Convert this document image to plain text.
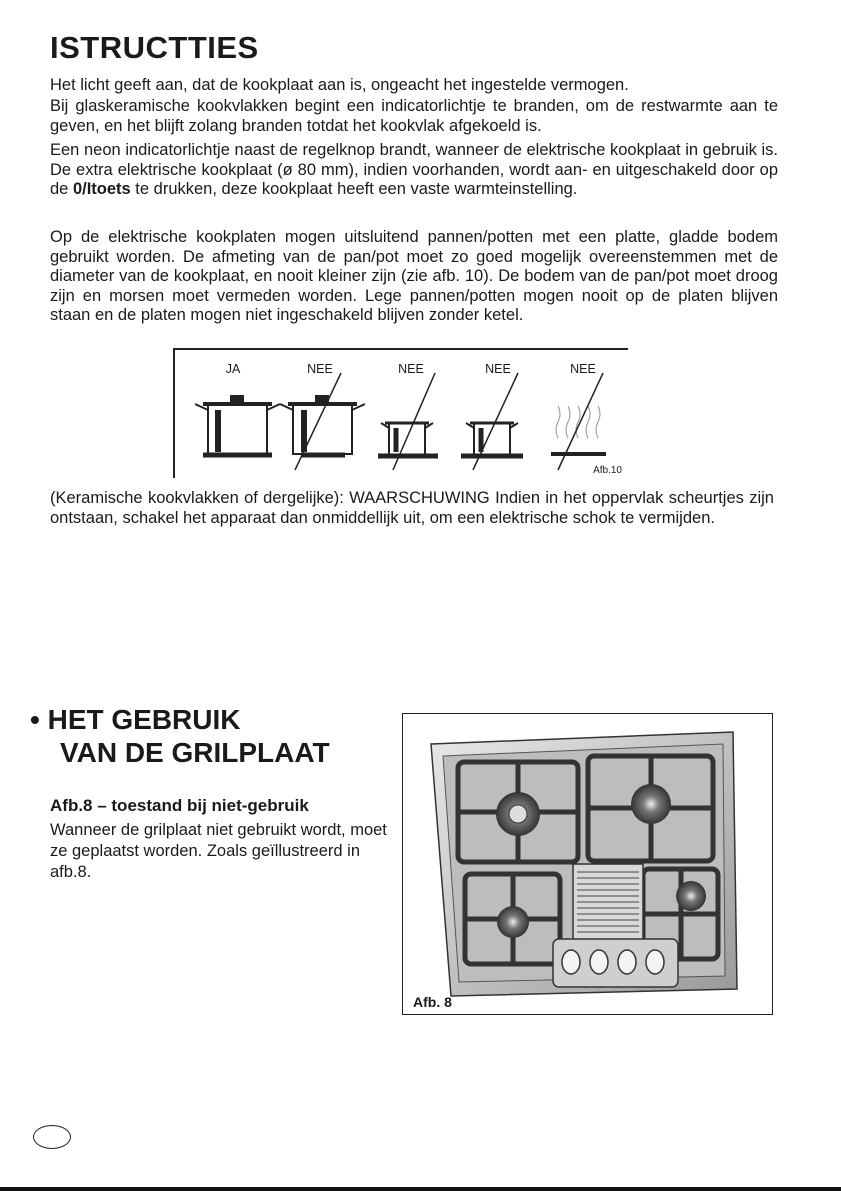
ISTRUCTTIES
Het licht geeft aan, dat de kookplaat aan is, ongeacht het ingestelde vermogen.
Bij glaskeramische kookvlakken begint een indicatorlichtje te branden, om de restwarmte aan te geven, en het blijft zolang branden totdat het kookvlak afgekoeld is.
Een neon indicatorlichtje naast de regelknop brandt, wanneer de elektrische kookplaat in gebruik is. De extra elektrische kookplaat (ø 80 mm), indien voorhanden, wordt aan- en uitgeschakeld door op de 0/Itoets te drukken, deze kookplaat heeft een vaste warmteinstelling.
Op de elektrische kookplaten mogen uitsluitend pannen/potten met een platte, gladde bodem gebruikt worden. De afmeting van de pan/pot moet zo goed mogelijk overeenstemmen met de diameter van de kookplaat, en nooit kleiner zijn (zie afb. 10). De bodem van de pan/pot moet droog zijn en morsen moet vermeden worden. Lege pannen/potten mogen nooit op de platen blijven staan en de platen mogen niet ingeschakeld blijven zonder ketel.
JA	NEE	NEE	NEE	NEE
Afb.10
(Keramische kookvlakken of dergelijke): WAARSCHUWING Indien in het oppervlak scheurtjes zijn ontstaan, schakel het apparaat dan onmiddellijk uit, om een elektrische schok te vermijden.
• HET GEBRUIK
VAN DE GRILPLAAT
Afb.8 – toestand bij niet-gebruik
Wanneer de grilplaat niet gebruikt wordt, moet ze geplaatst worden. Zoals geïllustreerd in afb.8.
Afb. 8
